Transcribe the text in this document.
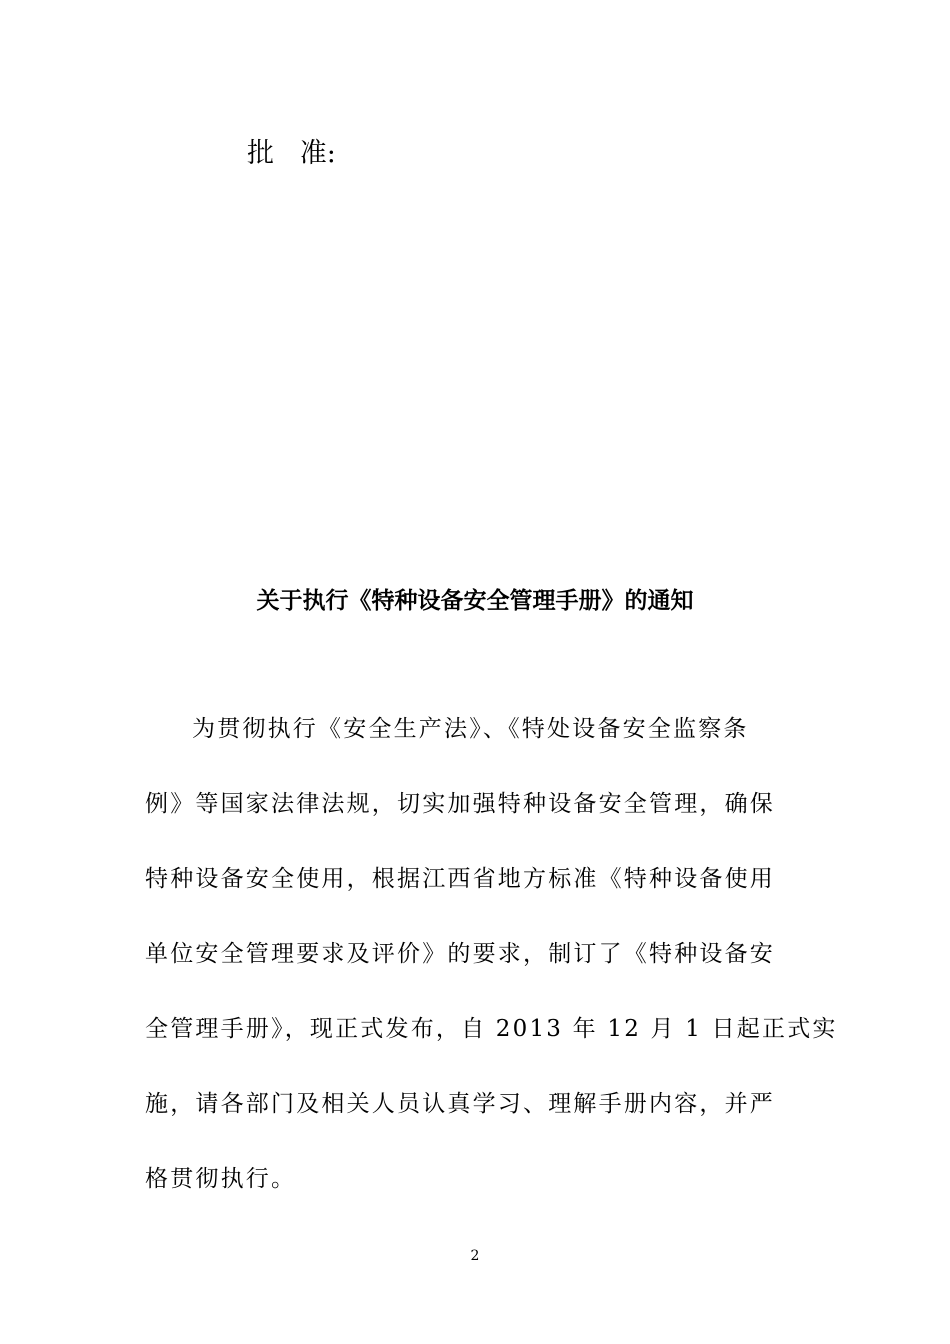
批   准:
关于执行《特种设备安全管理手册》的通知
为贯彻执行《安全生产法》、《特处设备安全监察条
例》等国家法律法规，切实加强特种设备安全管理，确保
特种设备安全使用，根据江西省地方标准《特种设备使用
单位安全管理要求及评价》的要求，制订了《特种设备安
全管理手册》，现正式发布，自 2013 年 12 月 1 日起正式实
施，请各部门及相关人员认真学习、理解手册内容，并严
格贯彻执行。
2
